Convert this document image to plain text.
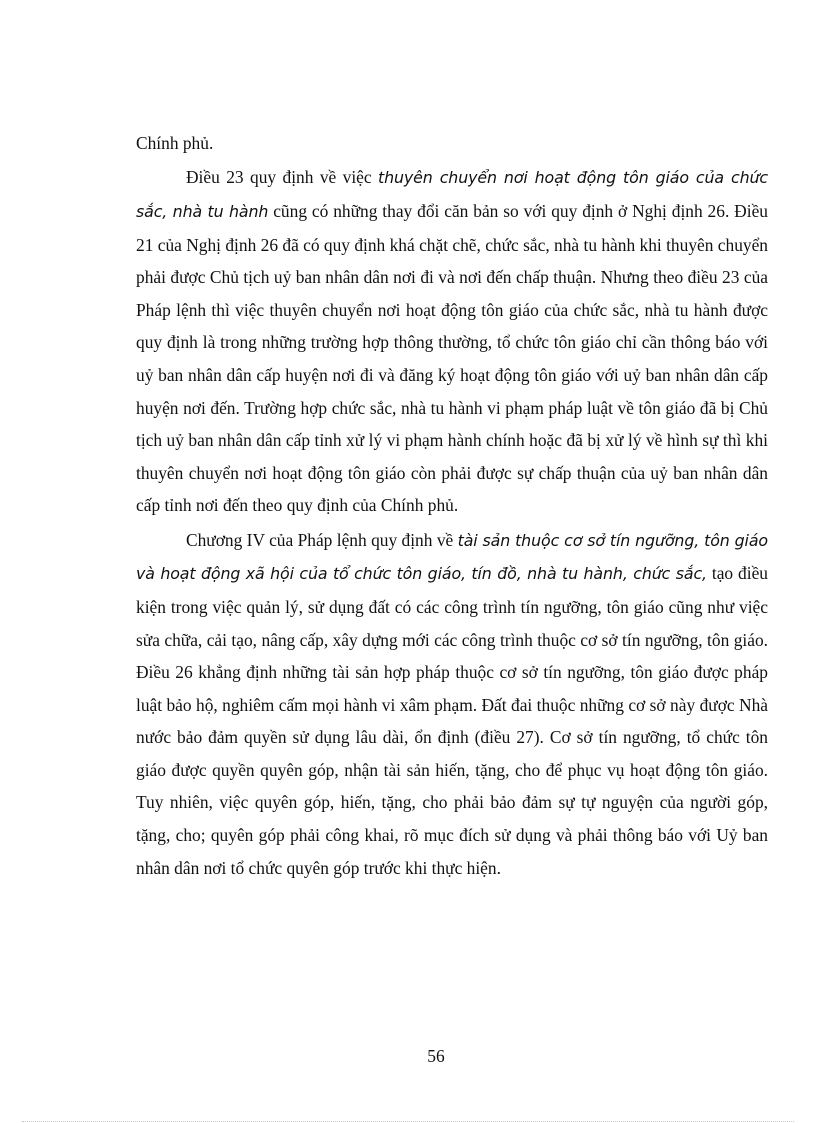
Chính phủ.

Điều 23 quy định về việc thuyên chuyển nơi hoạt động tôn giáo của chức sắc, nhà tu hành cũng có những thay đổi căn bản so với quy định ở Nghị định 26. Điều 21 của Nghị định 26 đã có quy định khá chặt chẽ, chức sắc, nhà tu hành khi thuyên chuyển phải được Chủ tịch uỷ ban nhân dân nơi đi và nơi đến chấp thuận. Nhưng theo điều 23 của Pháp lệnh thì việc thuyên chuyển nơi hoạt động tôn giáo của chức sắc, nhà tu hành được quy định là trong những trường hợp thông thường, tổ chức tôn giáo chỉ cần thông báo với uỷ ban nhân dân cấp huyện nơi đi và đăng ký hoạt động tôn giáo với uỷ ban nhân dân cấp huyện nơi đến. Trường hợp chức sắc, nhà tu hành vi phạm pháp luật về tôn giáo đã bị Chủ tịch uỷ ban nhân dân cấp tỉnh xử lý vi phạm hành chính hoặc đã bị xử lý về hình sự thì khi thuyên chuyển nơi hoạt động tôn giáo còn phải được sự chấp thuận của uỷ ban nhân dân cấp tỉnh nơi đến theo quy định của Chính phủ.

Chương IV của Pháp lệnh quy định về tài sản thuộc cơ sở tín ngưỡng, tôn giáo và hoạt động xã hội của tổ chức tôn giáo, tín đồ, nhà tu hành, chức sắc, tạo điều kiện trong việc quản lý, sử dụng đất có các công trình tín ngưỡng, tôn giáo cũng như việc sửa chữa, cải tạo, nâng cấp, xây dựng mới các công trình thuộc cơ sở tín ngưỡng, tôn giáo. Điều 26 khẳng định những tài sản hợp pháp thuộc cơ sở tín ngưỡng, tôn giáo được pháp luật bảo hộ, nghiêm cấm mọi hành vi xâm phạm. Đất đai thuộc những cơ sở này được Nhà nước bảo đảm quyền sử dụng lâu dài, ổn định (điều 27). Cơ sở tín ngưỡng, tổ chức tôn giáo được quyền quyên góp, nhận tài sản hiến, tặng, cho để phục vụ hoạt động tôn giáo. Tuy nhiên, việc quyên góp, hiến, tặng, cho phải bảo đảm sự tự nguyện của người góp, tặng, cho; quyên góp phải công khai, rõ mục đích sử dụng và phải thông báo với Uỷ ban nhân dân nơi tổ chức quyên góp trước khi thực hiện.

56
